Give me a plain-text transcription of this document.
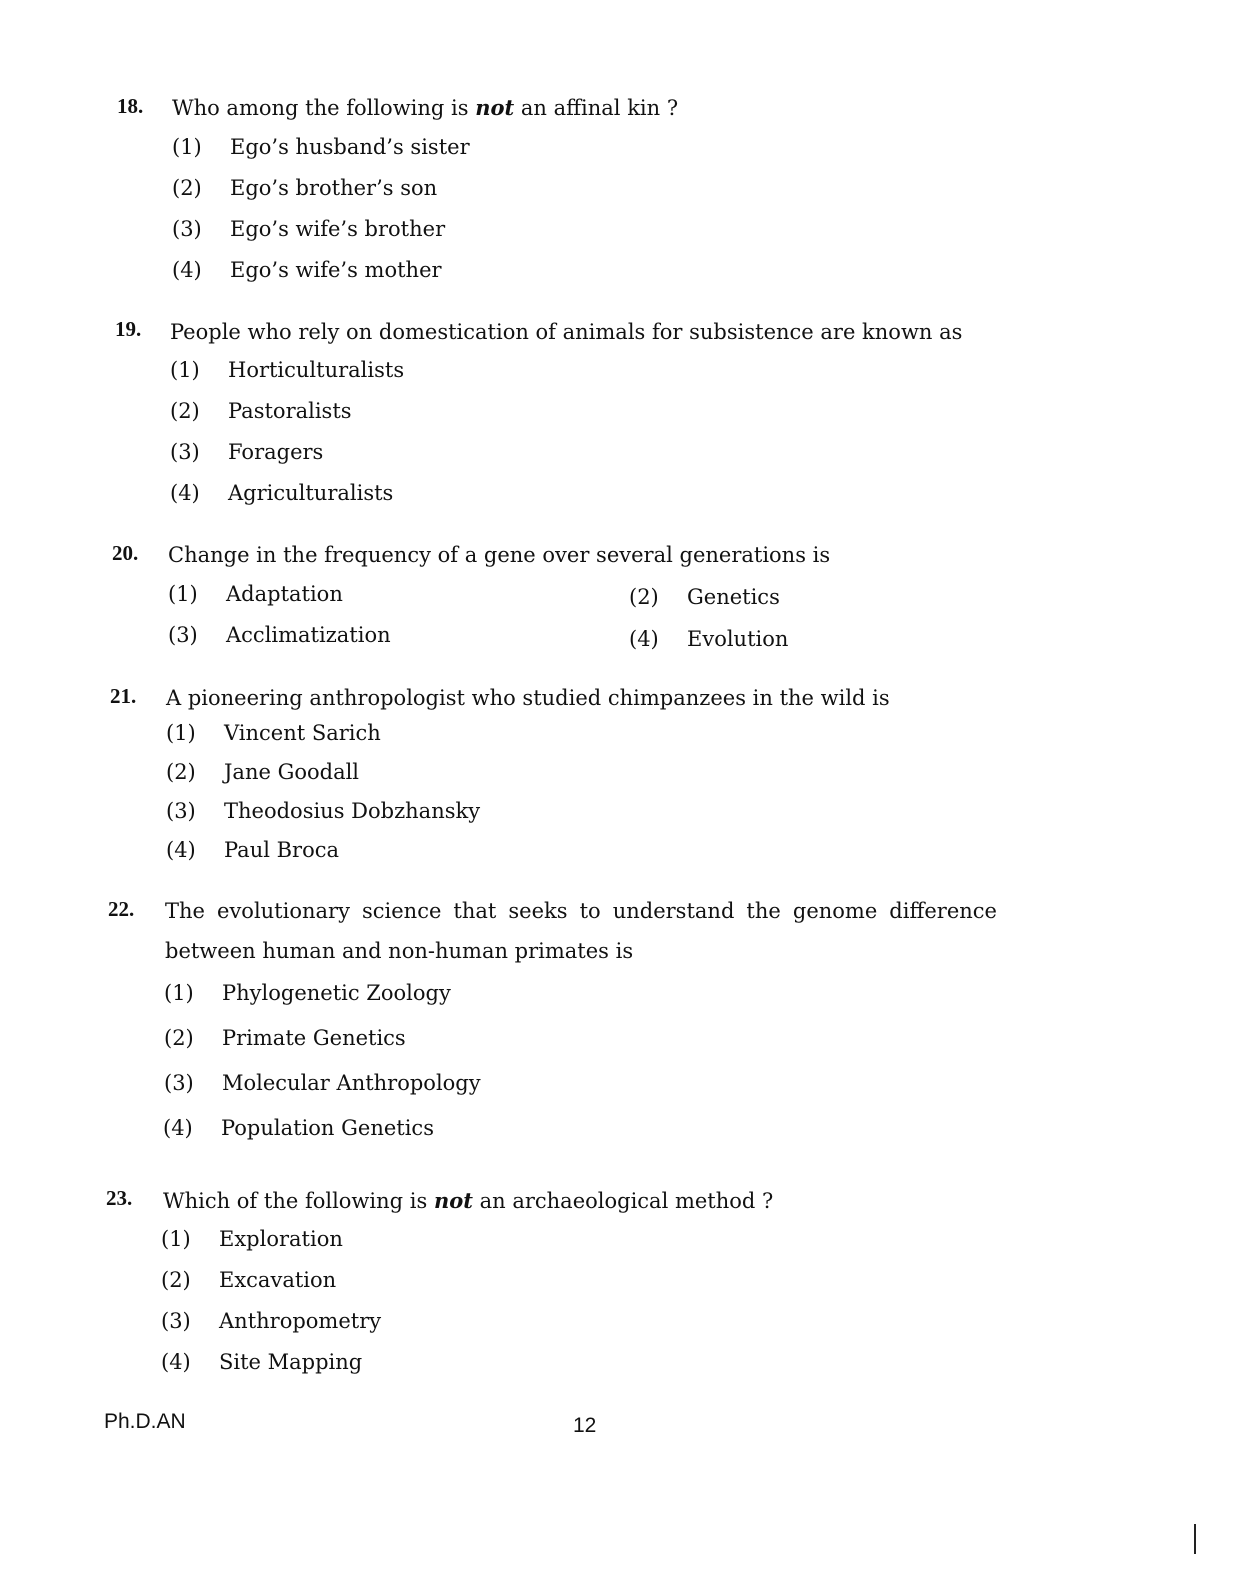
18. Who among the following is not an affinal kin ?
(1) Ego’s husband’s sister
(2) Ego’s brother’s son
(3) Ego’s wife’s brother
(4) Ego’s wife’s mother
19. People who rely on domestication of animals for subsistence are known as
(1) Horticulturalists
(2) Pastoralists
(3) Foragers
(4) Agriculturalists
20. Change in the frequency of a gene over several generations is
(1) Adaptation	(2) Genetics
(3) Acclimatization	(4) Evolution
21. A pioneering anthropologist who studied chimpanzees in the wild is
(1) Vincent Sarich
(2) Jane Goodall
(3) Theodosius Dobzhansky
(4) Paul Broca
22. The evolutionary science that seeks to understand the genome difference between human and non-human primates is
(1) Phylogenetic Zoology
(2) Primate Genetics
(3) Molecular Anthropology
(4) Population Genetics
23. Which of the following is not an archaeological method ?
(1) Exploration
(2) Excavation
(3) Anthropometry
(4) Site Mapping
Ph.D.AN	12
